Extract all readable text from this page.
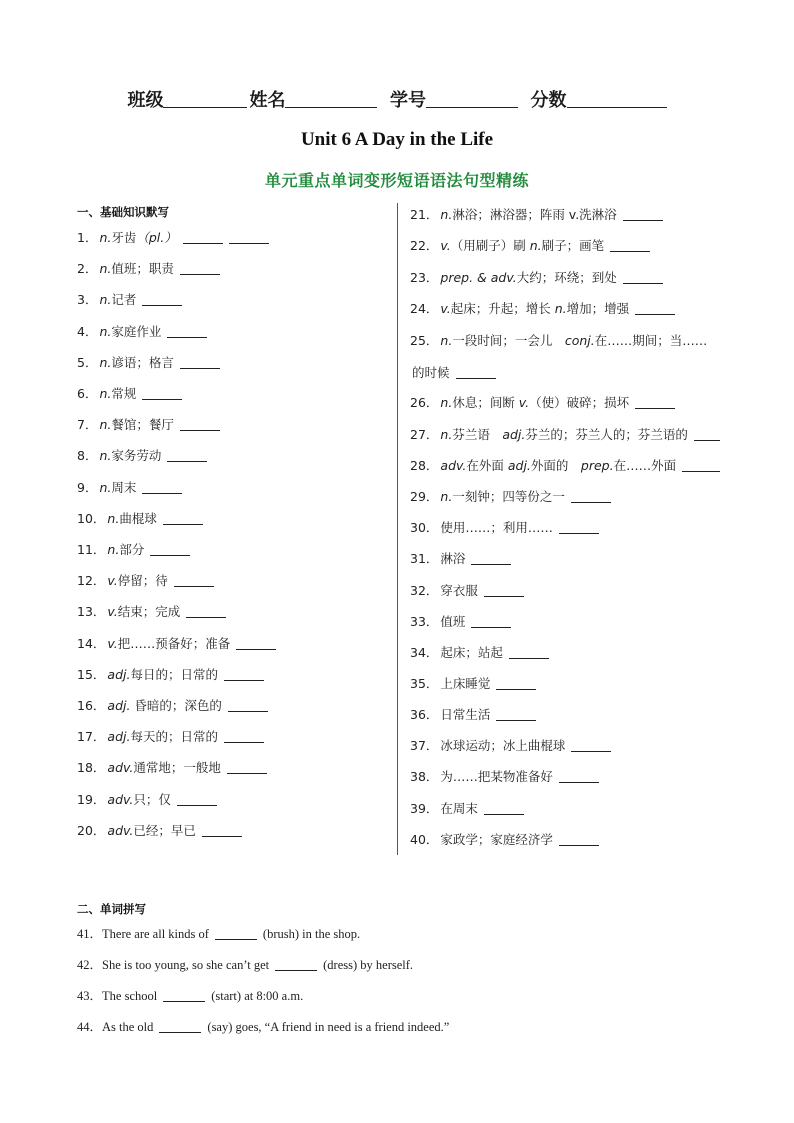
班级	姓名	学号	分数
Unit 6 A Day in the Life
单元重点单词变形短语语法句型精练
一、基础知识默写
1． n.牙齿（pl.）
2． n.值班；职责
3． n.记者
4． n.家庭作业
5． n.谚语；格言
6． n.常规
7． n.餐馆；餐厅
8． n.家务劳动
9． n.周末
10． n.曲棍球
11． n.部分
12． v.停留；待
13． v.结束；完成
14． v.把……预备好；准备
15． adj.每日的；日常的
16． adj. 昏暗的；深色的
17． adj.每天的；日常的
18． adv.通常地；一般地
19． adv.只；仅
20． adv.已经；早已
21． n.淋浴；淋浴器；阵雨 v.洗淋浴
22． v.（用刷子）刷 n.刷子；画笔
23． prep. & adv.大约；环绕；到处
24． v.起床；升起；增长 n.增加；增强
25． n.一段时间；一会儿　conj.在……期间；当……
的时候
26． n.休息；间断 v.（使）破碎；损坏
27． n.芬兰语　adj.芬兰的；芬兰人的；芬兰语的
28． adv.在外面 adj.外面的　prep.在……外面
29． n.一刻钟；四等份之一
30． 使用……；利用……
31． 淋浴
32． 穿衣服
33． 值班
34． 起床；站起
35． 上床睡觉
36． 日常生活
37． 冰球运动；冰上曲棍球
38． 为……把某物准备好
39． 在周末
40． 家政学；家庭经济学
二、单词拼写
41．There are all kinds of	(brush) in the shop.
42．She is too young, so she can’t get	(dress) by herself.
43．The school	(start) at 8:00 a.m.
44．As the old	(say) goes, “A friend in need is a friend indeed.”
